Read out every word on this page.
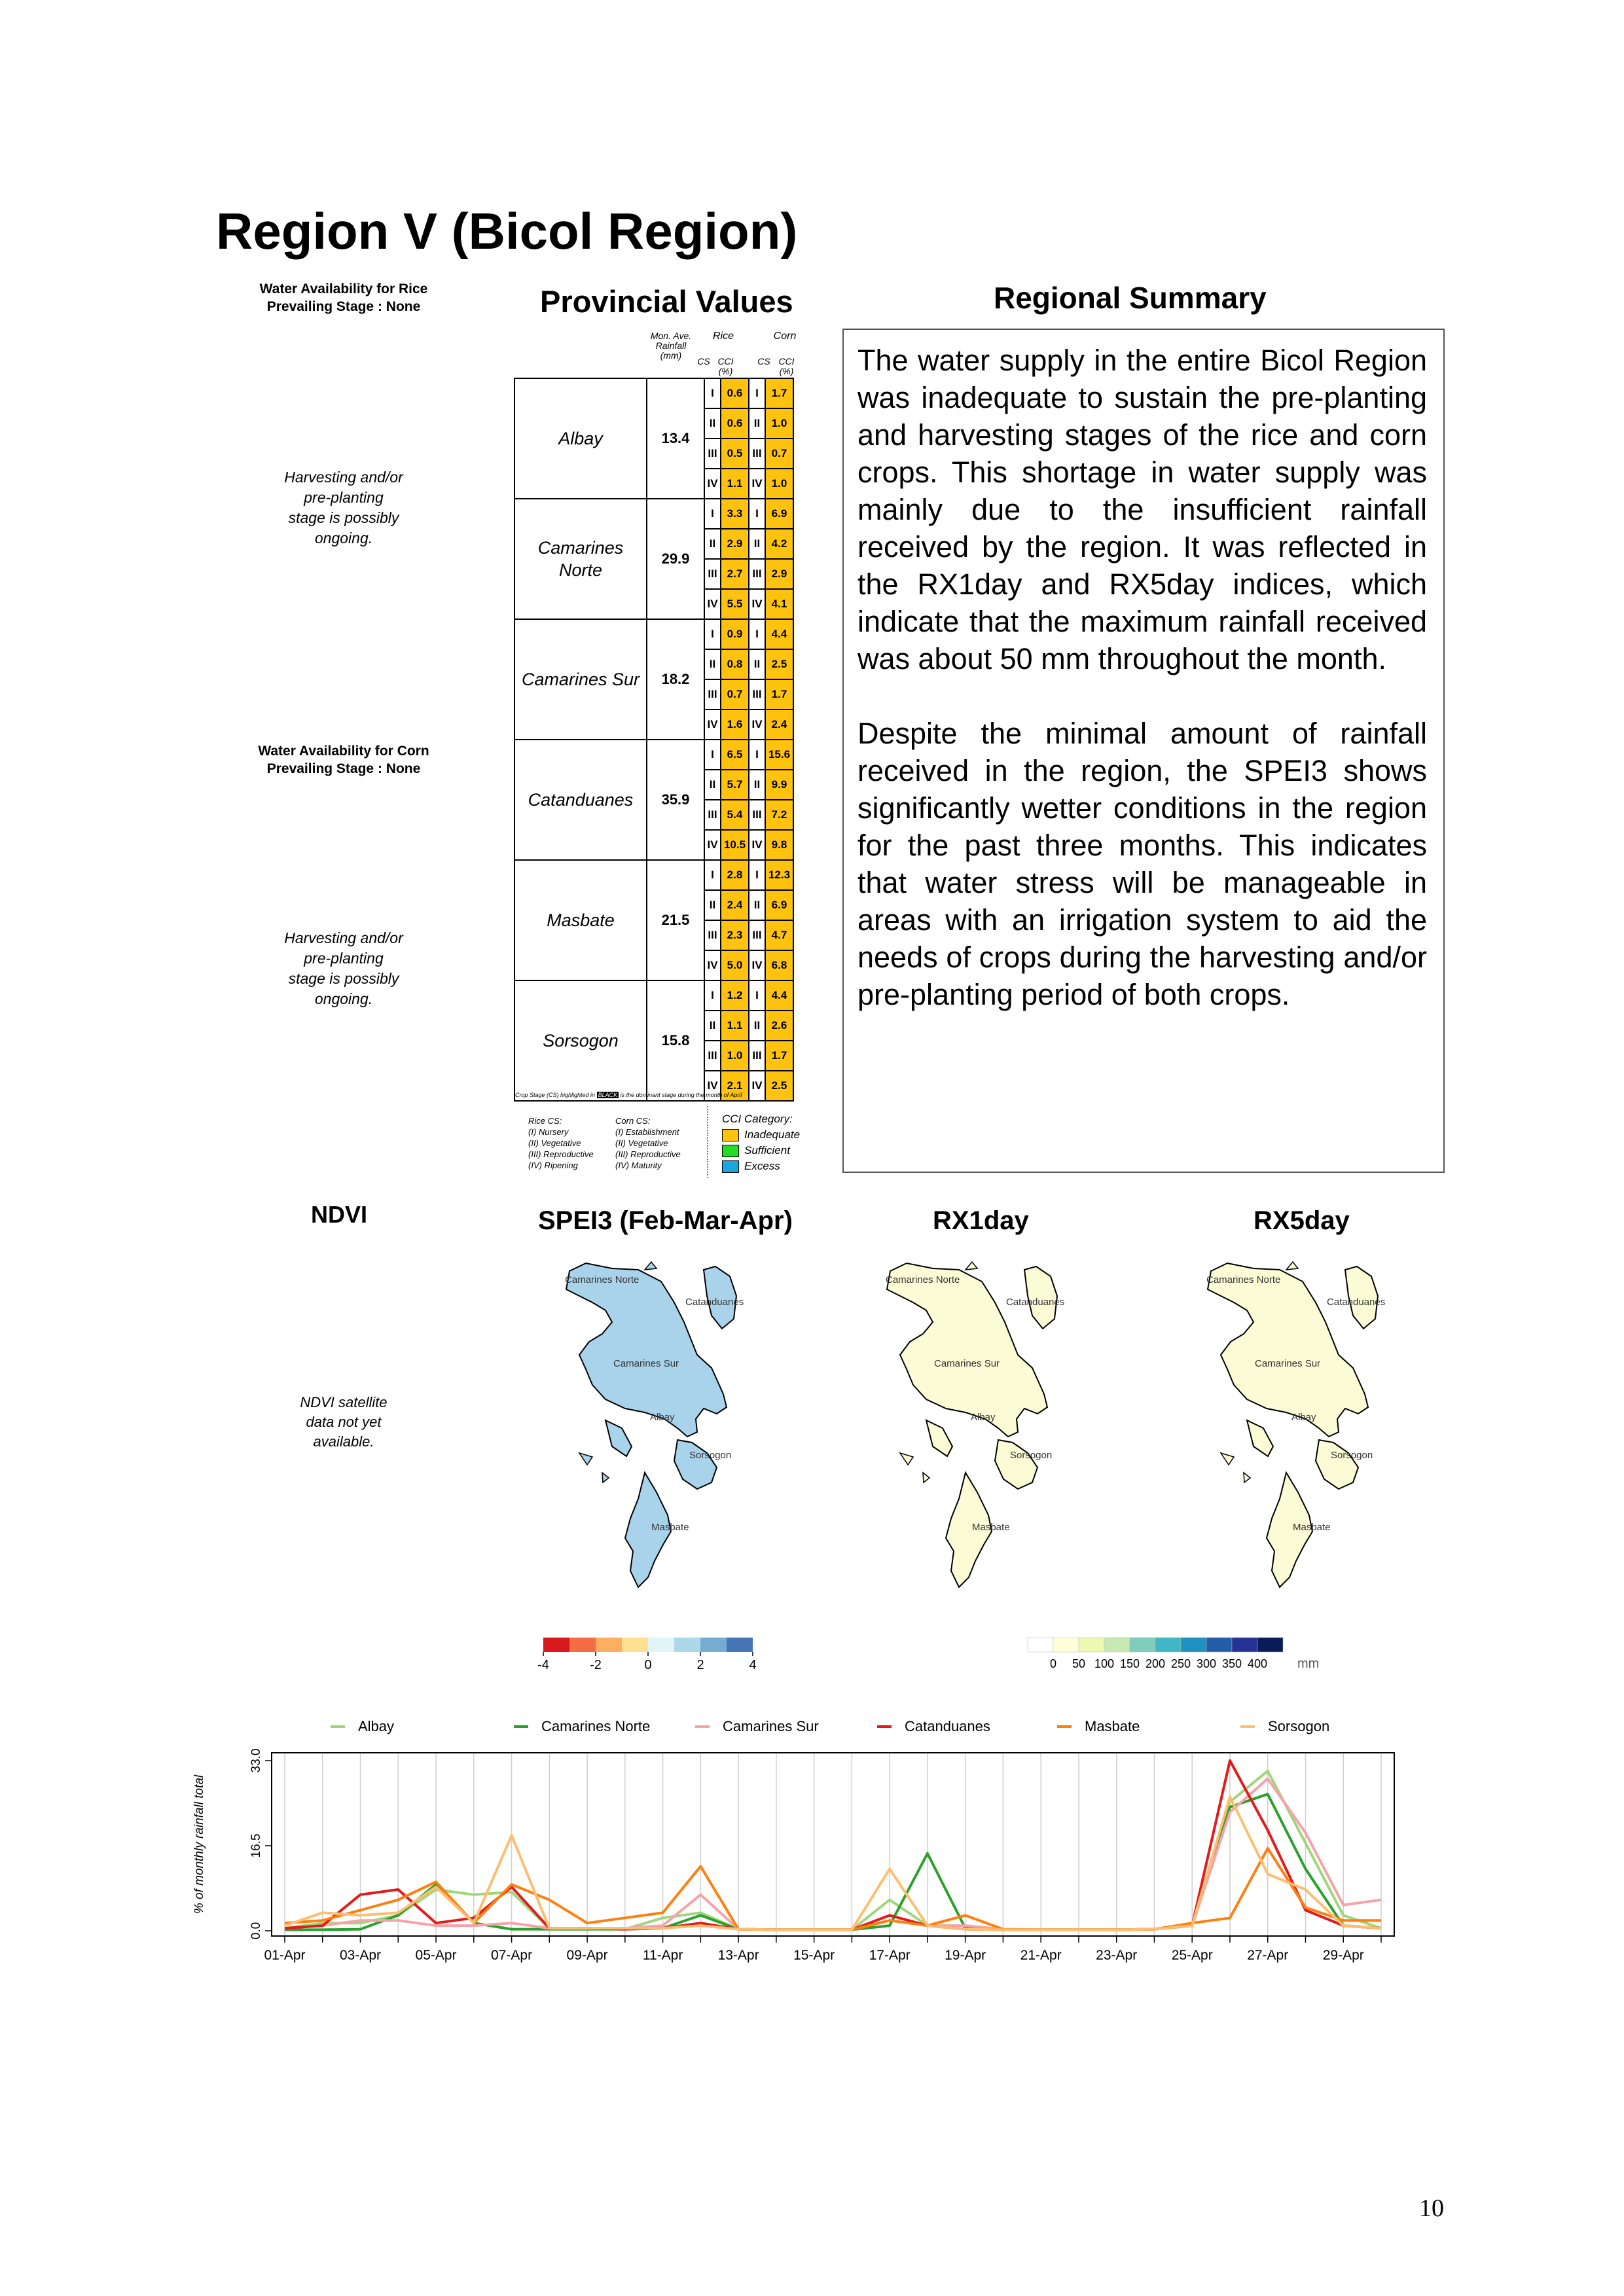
Region V (Bicol Region)
Water Availability for Rice
Prevailing Stage : None
Harvesting and/or
pre-planting
stage is possibly
ongoing.
Water Availability for Corn
Prevailing Stage : None
Harvesting and/or
pre-planting
stage is possibly
ongoing.
NDVI
NDVI satellite
data not yet
available.
Provincial Values
Mon. Ave.
Rainfall
(mm)
Rice	Corn
CS CCI (%)
CS CCI (%)
Albay	13.4	I	0.6	I	1.7
		II	0.6	II	1.0
		III	0.5	III	0.7
		IV	1.1	IV	1.0
Camarines Norte	29.9	I	3.3	I	6.9
		II	2.9	II	4.2
		III	2.7	III	2.9
		IV	5.5	IV	4.1
Camarines Sur	18.2	I	0.9	I	4.4
		II	0.8	II	2.5
		III	0.7	III	1.7
		IV	1.6	IV	2.4
Catanduanes	35.9	I	6.5	I	15.6
		II	5.7	II	9.9
		III	5.4	III	7.2
		IV	10.5	IV	9.8
Masbate	21.5	I	2.8	I	12.3
		II	2.4	II	6.9
		III	2.3	III	4.7
		IV	5.0	IV	6.8
Sorsogon	15.8	I	1.2	I	4.4
		II	1.1	II	2.6
		III	1.0	III	1.7
		IV	2.1	IV	2.5
Crop Stage (CS) highlighted in BLACK is the dominant stage during the month of April
Rice CS:
(I) Nursery
(II) Vegetative
(III) Reproductive
(IV) Ripening
Corn CS:
(I) Establishment
(II) Vegetative
(III) Reproductive
(IV) Maturity
CCI Category:
Inadequate
Sufficient
Excess
Regional Summary

The water supply in the entire Bicol Region was inadequate to sustain the pre-planting and harvesting stages of the rice and corn crops. This shortage in water supply was mainly due to the insufficient rainfall received by the region. It was reflected in the RX1day and RX5day indices, which indicate that the maximum rainfall received was about 50 mm throughout the month.

Despite the minimal amount of rainfall received in the region, the SPEI3 shows significantly wetter conditions in the region for the past three months. This indicates that water stress will be manageable in areas with an irrigation system to aid the needs of crops during the harvesting and/or pre-planting period of both crops.

SPEI3 (Feb-Mar-Apr)	RX1day	RX5day
Camarines Norte
Catanduanes
Camarines Sur
Albay
Sorsogon
Masbate
Camarines Norte
Catanduanes
Camarines Sur
Albay
Sorsogon
Masbate
Camarines Norte
Catanduanes
Camarines Sur
Albay
Sorsogon
Masbate
-4	-2	0	2	4	0 50 100 150 200 250 300 350 400 mm
0.0
16.5
33.0
% of monthly rainfall total
01-Apr 03-Apr 05-Apr 07-Apr 09-Apr	11-Apr	13-Apr 15-Apr 17-Apr 19-Apr 21-Apr 23-Apr 25-Apr 27-Apr 29-Apr
Albay	Camarines Norte	Camarines Sur	Catanduanes	Masbate	Sorsogon
10
